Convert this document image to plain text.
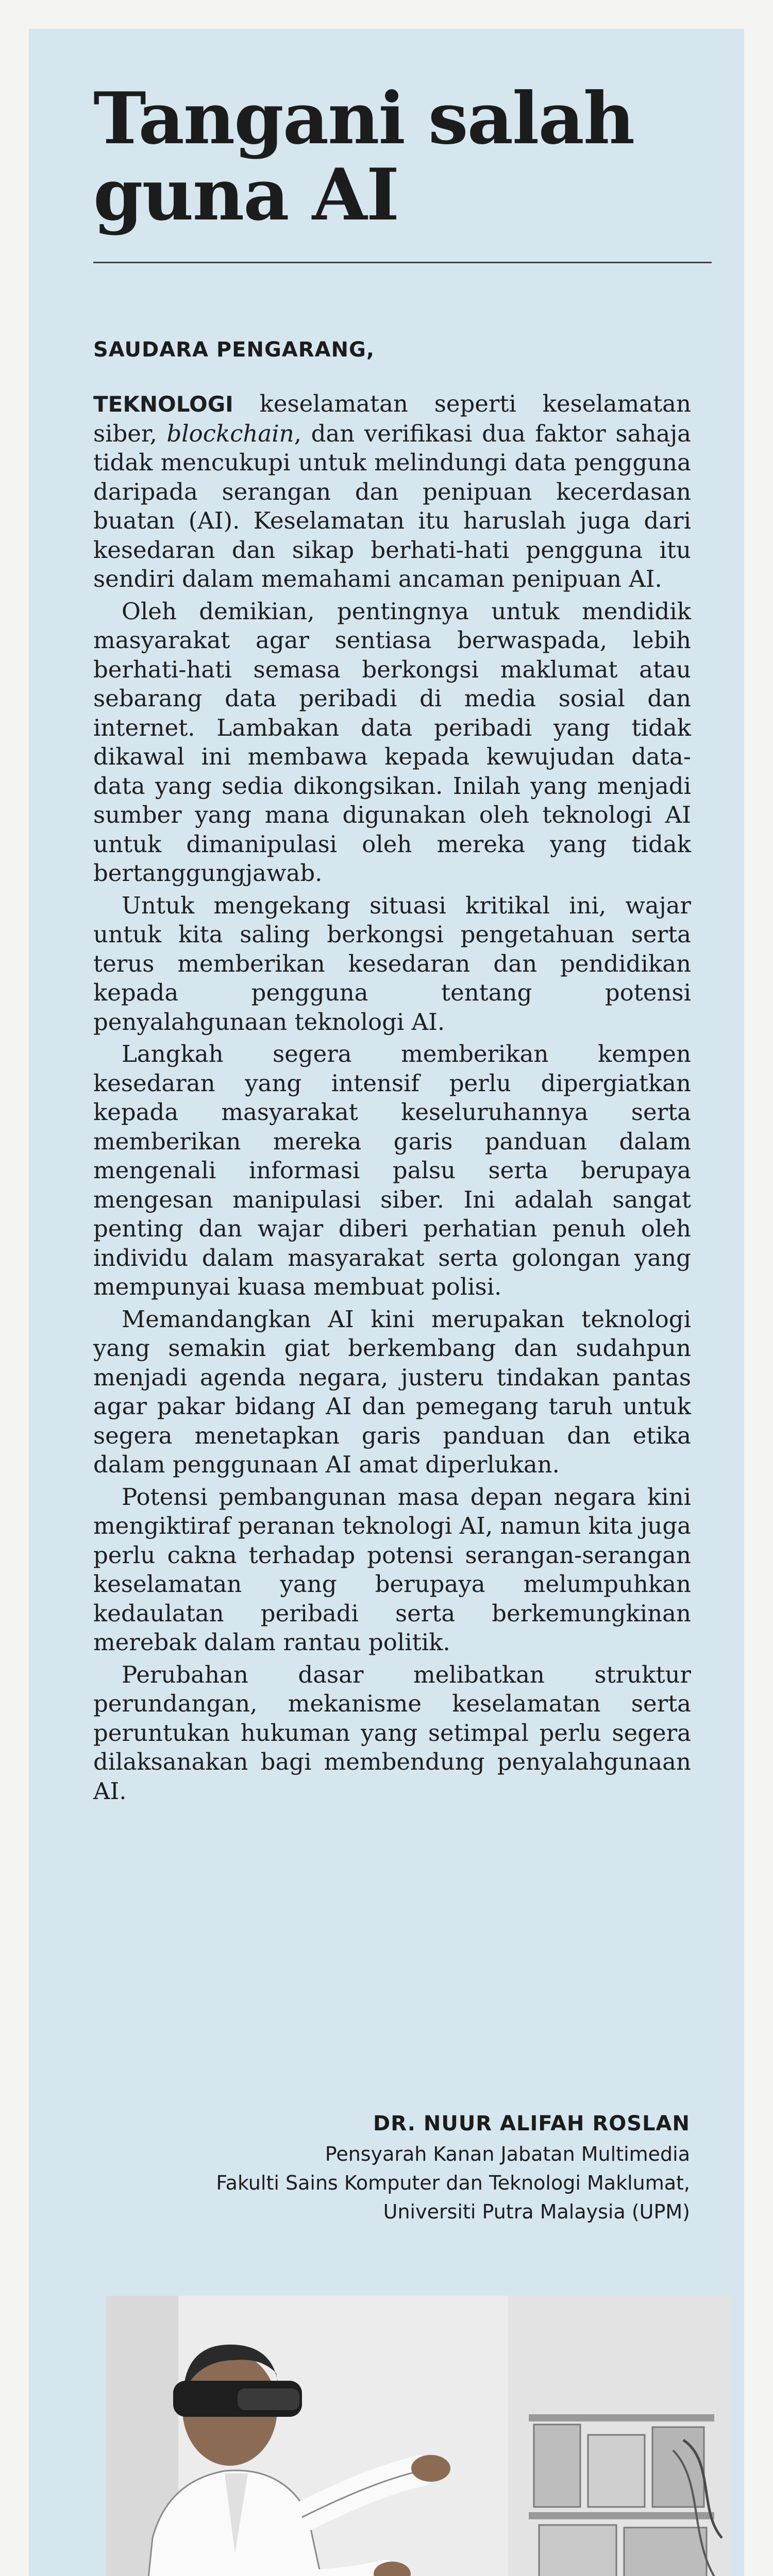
Tangani salah guna AI

SAUDARA PENGARANG,

TEKNOLOGI keselamatan seperti keselamatan siber, blockchain, dan verifikasi dua faktor sahaja tidak mencukupi untuk melindungi data pengguna daripada serangan dan penipuan kecerdasan buatan (AI). Keselamatan itu haruslah juga dari kesedaran dan sikap berhati-hati pengguna itu sendiri dalam memahami ancaman penipuan AI.

Oleh demikian, pentingnya untuk mendidik masyarakat agar sentiasa berwaspada, lebih berhati-hati semasa berkongsi maklumat atau sebarang data peribadi di media sosial dan internet. Lambakan data peribadi yang tidak dikawal ini membawa kepada kewujudan data-data yang sedia dikongsikan. Inilah yang menjadi sumber yang mana digunakan oleh teknologi AI untuk dimanipulasi oleh mereka yang tidak bertanggungjawab.

Untuk mengekang situasi kritikal ini, wajar untuk kita saling berkongsi pengetahuan serta terus memberikan kesedaran dan pendidikan kepada pengguna tentang potensi penyalahgunaan teknologi AI.

Langkah segera memberikan kempen kesedaran yang intensif perlu dipergiatkan kepada masyarakat keseluruhannya serta memberikan mereka garis panduan dalam mengenali informasi palsu serta berupaya mengesan manipulasi siber. Ini adalah sangat penting dan wajar diberi perhatian penuh oleh individu dalam masyarakat serta golongan yang mempunyai kuasa membuat polisi.

Memandangkan AI kini merupakan teknologi yang semakin giat berkembang dan sudahpun menjadi agenda negara, justeru tindakan pantas agar pakar bidang AI dan pemegang taruh untuk segera menetapkan garis panduan dan etika dalam penggunaan AI amat diperlukan.

Potensi pembangunan masa depan negara kini mengiktiraf peranan teknologi AI, namun kita juga perlu cakna terhadap potensi serangan-serangan keselamatan yang berupaya melumpuhkan kedaulatan peribadi serta berkemungkinan merebak dalam rantau politik.

Perubahan dasar melibatkan struktur perundangan, mekanisme keselamatan serta peruntukan hukuman yang setimpal perlu segera dilaksanakan bagi membendung penyalahgunaan AI.

DR. NUUR ALIFAH ROSLAN
Pensyarah Kanan Jabatan Multimedia
Fakulti Sains Komputer dan Teknologi Maklumat,
Universiti Putra Malaysia (UPM)
